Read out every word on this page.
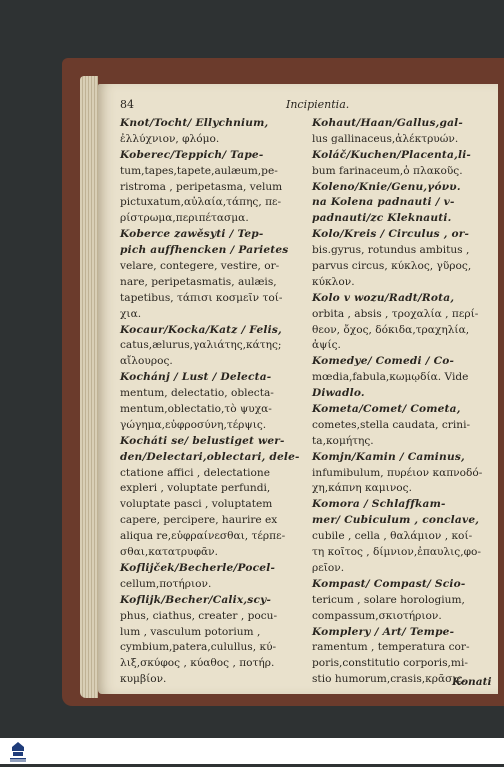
84	Incipientia.
Knot/Tocht/ Ellychnium,
ἐλλύχνιον, φλόμο.
Koberec/Teppich/ Tape-
tum,tapes,tapete,aulæum,pe-
ristroma , peripetasma, velum
pictuxatum,αὐλαία,τάπης, πε-
ρίστρωμα,περιπέτασμα.
Koberce zawěsyti / Tep-
pich auffhencken / Parietes
velare, contegere, vestire, or-
nare, peripetasmatis, aulæis,
tapetibus, τάπισι κοσμεῖν τοί-
χια.
Kocaur/Kocka/Katz / Felis,
catus,ælurus,γαλιάτης,κάτης;
αἴλουρος.
Kochánj / Lust / Delecta-
mentum, delectatio, oblecta-
mentum,oblectatio,τὸ ψυχα-
γώγημα,εὐφροσύνη,τέρψις.
Kocháti se/ belustiget wer-
den/Delectari,oblectari, dele-
ctatione affici , delectatione
expleri , voluptate perfundi,
voluptate pasci , voluptatem
capere, percipere, haurire ex
aliqua re,εὐφραίνεσθαι, τέρπε-
σθαι,κατατρυφᾶν.
Koflijček/Becherle/Pocel-
cellum,ποτήριον.
Koflijk/Becher/Calix,scy-
phus, ciathus, creater , pocu-
lum , vasculum potorium ,
cymbium,patera,culullus, κύ-
λιξ,σκύφος , κύαθος , ποτήρ.
κυμβίον.
Kohaut/Haan/Gallus,gal-
lus gallinaceus,ἀλέκτρυών.
Koláč/Kuchen/Placenta,li-
bum farinaceum,ὁ πλακοῦς.
Koleno/Knie/Genu,γόνυ.
na Kolena padnauti / v-
padnauti/zc Kleknauti.
Kolo/Kreis / Circulus , or-
bis.gyrus, rotundus ambitus ,
parvus circus, κύκλος, γῦρος,
κύκλον.
Kolo v wozu/Radt/Rota,
orbita , absis , τροχαλία , περί-
θεον, ὄχος, δόκιδα,τραχηλία,
ἀψίς.
Komedye/ Comedi / Co-
mœdia,fabula,κωμῳδία. Vide
Diwadlo.
Kometa/Comet/ Cometa,
cometes,stella caudata, crini-
ta,κομήτης.
Komjn/Kamin / Caminus,
infumibulum, πυρέιον καπνοδό-
χη,κάπνη καμινος.
Komora / Schlaffkam-
mer/ Cubiculum , conclave,
cubile , cella , θαλάμιον , κοί-
τη κοῖτος , δίμνιον,ἐπαυλις,φο-
ρεῖον.
Kompast/ Compast/ Scio-
tericum , solare horologium,
compassum,σκιοτήριον.
Komplery / Art/ Tempe-
ramentum , temperatura cor-
poris,constitutio corporis,mi-
stio humorum,crasis,κρᾶσις.
Konati
